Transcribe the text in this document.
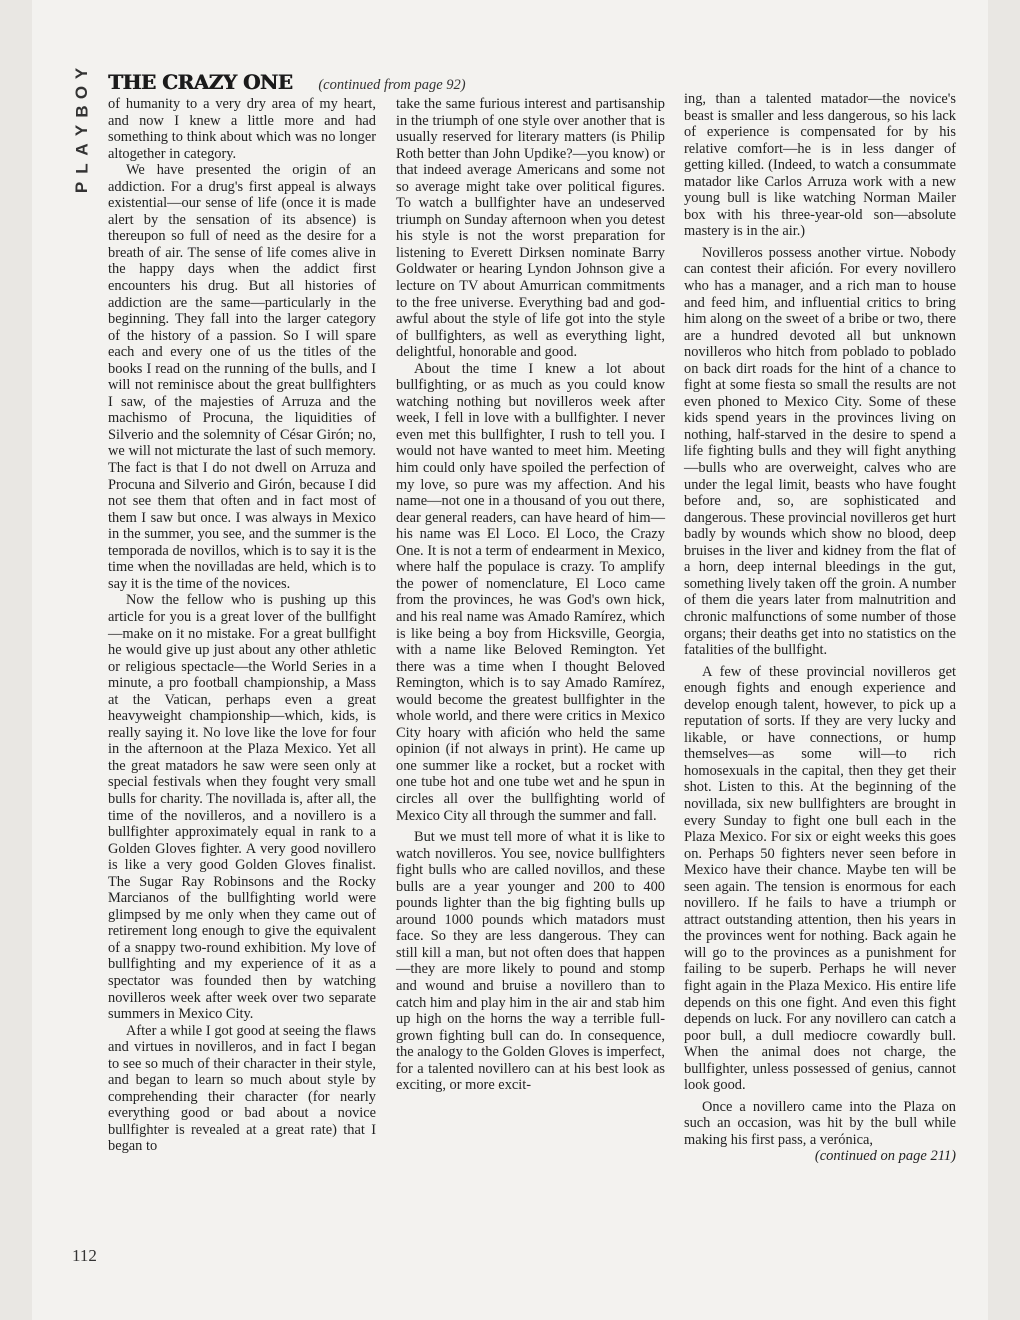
Y
O
B
Y
A
L
P
THE CRAZY ONE (continued from page 92)

of humanity to a very dry area of my heart, and now I knew a little more and had something to think about which was no longer altogether in category.

We have presented the origin of an addiction. For a drug's first appeal is always existential—our sense of life (once it is made alert by the sensation of its absence) is thereupon so full of need as the desire for a breath of air. The sense of life comes alive in the happy days when the addict first encounters his drug. But all histories of addiction are the same—particularly in the beginning. They fall into the larger category of the history of a passion. So I will spare each and every one of us the titles of the books I read on the running of the bulls, and I will not reminisce about the great bullfighters I saw, of the majesties of Arruza and the machismo of Procuna, the liquidities of Silverio and the solemnity of César Girón; no, we will not micturate the last of such memory. The fact is that I do not dwell on Arruza and Procuna and Silverio and Girón, because I did not see them that often and in fact most of them I saw but once. I was always in Mexico in the summer, you see, and the summer is the temporada de novillos, which is to say it is the time when the novilladas are held, which is to say it is the time of the novices.

Now the fellow who is pushing up this article for you is a great lover of the bullfight—make on it no mistake. For a great bullfight he would give up just about any other athletic or religious spectacle—the World Series in a minute, a pro football championship, a Mass at the Vatican, perhaps even a great heavyweight championship—which, kids, is really saying it. No love like the love for four in the afternoon at the Plaza Mexico. Yet all the great matadors he saw were seen only at special festivals when they fought very small bulls for charity. The novillada is, after all, the time of the novilleros, and a novillero is a bullfighter approximately equal in rank to a Golden Gloves fighter. A very good novillero is like a very good Golden Gloves finalist. The Sugar Ray Robinsons and the Rocky Marcianos of the bullfighting world were glimpsed by me only when they came out of retirement long enough to give the equivalent of a snappy two-round exhibition. My love of bullfighting and my experience of it as a spectator was founded then by watching novilleros week after week over two separate summers in Mexico City.

After a while I got good at seeing the flaws and virtues in novilleros, and in fact I began to see so much of their character in their style, and began to learn so much about style by comprehending their character (for nearly everything good or bad about a novice bullfighter is revealed at a great rate) that I began to

take the same furious interest and partisanship in the triumph of one style over another that is usually reserved for literary matters (is Philip Roth better than John Updike?—you know) or that indeed average Americans and some not so average might take over political figures. To watch a bullfighter have an undeserved triumph on Sunday afternoon when you detest his style is not the worst preparation for listening to Everett Dirksen nominate Barry Goldwater or hearing Lyndon Johnson give a lecture on TV about Amurrican commitments to the free universe. Everything bad and god-awful about the style of life got into the style of bullfighters, as well as everything light, delightful, honorable and good.

About the time I knew a lot about bullfighting, or as much as you could know watching nothing but novilleros week after week, I fell in love with a bullfighter. I never even met this bullfighter, I rush to tell you. I would not have wanted to meet him. Meeting him could only have spoiled the perfection of my love, so pure was my affection. And his name—not one in a thousand of you out there, dear general readers, can have heard of him—his name was El Loco. El Loco, the Crazy One. It is not a term of endearment in Mexico, where half the populace is crazy. To amplify the power of nomenclature, El Loco came from the provinces, he was God's own hick, and his real name was Amado Ramírez, which is like being a boy from Hicksville, Georgia, with a name like Beloved Remington. Yet there was a time when I thought Beloved Remington, which is to say Amado Ramírez, would become the greatest bullfighter in the whole world, and there were critics in Mexico City hoary with afición who held the same opinion (if not always in print). He came up one summer like a rocket, but a rocket with one tube hot and one tube wet and he spun in circles all over the bullfighting world of Mexico City all through the summer and fall.

But we must tell more of what it is like to watch novilleros. You see, novice bullfighters fight bulls who are called novillos, and these bulls are a year younger and 200 to 400 pounds lighter than the big fighting bulls up around 1000 pounds which matadors must face. So they are less dangerous. They can still kill a man, but not often does that happen—they are more likely to pound and stomp and wound and bruise a novillero than to catch him and play him in the air and stab him up high on the horns the way a terrible full-grown fighting bull can do. In consequence, the analogy to the Golden Gloves is imperfect, for a talented novillero can at his best look as exciting, or more excit-

ing, than a talented matador—the novice's beast is smaller and less dangerous, so his lack of experience is compensated for by his relative comfort—he is in less danger of getting killed. (Indeed, to watch a consummate matador like Carlos Arruza work with a new young bull is like watching Norman Mailer box with his three-year-old son—absolute mastery is in the air.)

Novilleros possess another virtue. Nobody can contest their afición. For every novillero who has a manager, and a rich man to house and feed him, and influential critics to bring him along on the sweet of a bribe or two, there are a hundred devoted all but unknown novilleros who hitch from poblado to poblado on back dirt roads for the hint of a chance to fight at some fiesta so small the results are not even phoned to Mexico City. Some of these kids spend years in the provinces living on nothing, half-starved in the desire to spend a life fighting bulls and they will fight anything—bulls who are overweight, calves who are under the legal limit, beasts who have fought before and, so, are sophisticated and dangerous. These provincial novilleros get hurt badly by wounds which show no blood, deep bruises in the liver and kidney from the flat of a horn, deep internal bleedings in the gut, something lively taken off the groin. A number of them die years later from malnutrition and chronic malfunctions of some number of those organs; their deaths get into no statistics on the fatalities of the bullfight.

A few of these provincial novilleros get enough fights and enough experience and develop enough talent, however, to pick up a reputation of sorts. If they are very lucky and likable, or have connections, or hump themselves—as some will—to rich homosexuals in the capital, then they get their shot. Listen to this. At the beginning of the novillada, six new bullfighters are brought in every Sunday to fight one bull each in the Plaza Mexico. For six or eight weeks this goes on. Perhaps 50 fighters never seen before in Mexico have their chance. Maybe ten will be seen again. The tension is enormous for each novillero. If he fails to have a triumph or attract outstanding attention, then his years in the provinces went for nothing. Back again he will go to the provinces as a punishment for failing to be superb. Perhaps he will never fight again in the Plaza Mexico. His entire life depends on this one fight. And even this fight depends on luck. For any novillero can catch a poor bull, a dull mediocre cowardly bull. When the animal does not charge, the bullfighter, unless possessed of genius, cannot look good.

Once a novillero came into the Plaza on such an occasion, was hit by the bull while making his first pass, a verónica,

(continued on page 211)

112
